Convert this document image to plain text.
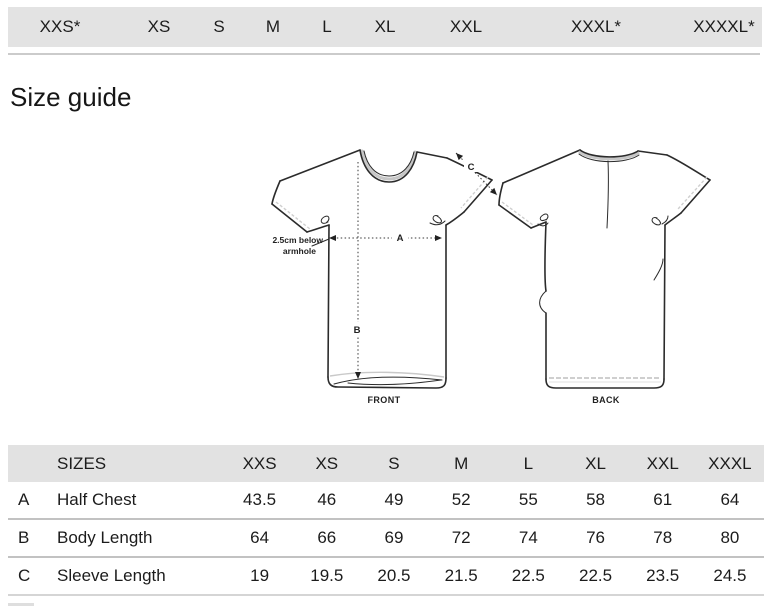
XXS*	XS	S M L	XL	XXL	XXXL*	XXXXL*
Size guide
A
B
C
2.5cm below
armhole
FRONT	BACK
SIZES	XXS	XS	S	M	L	XL	XXL	XXXL
A	Half Chest	43.5	46	49	52	55	58	61	64
B	Body Length	64	66	69	72	74	76	78	80
C	Sleeve Length	19	19.5	20.5	21.5	22.5	22.5	23.5	24.5
